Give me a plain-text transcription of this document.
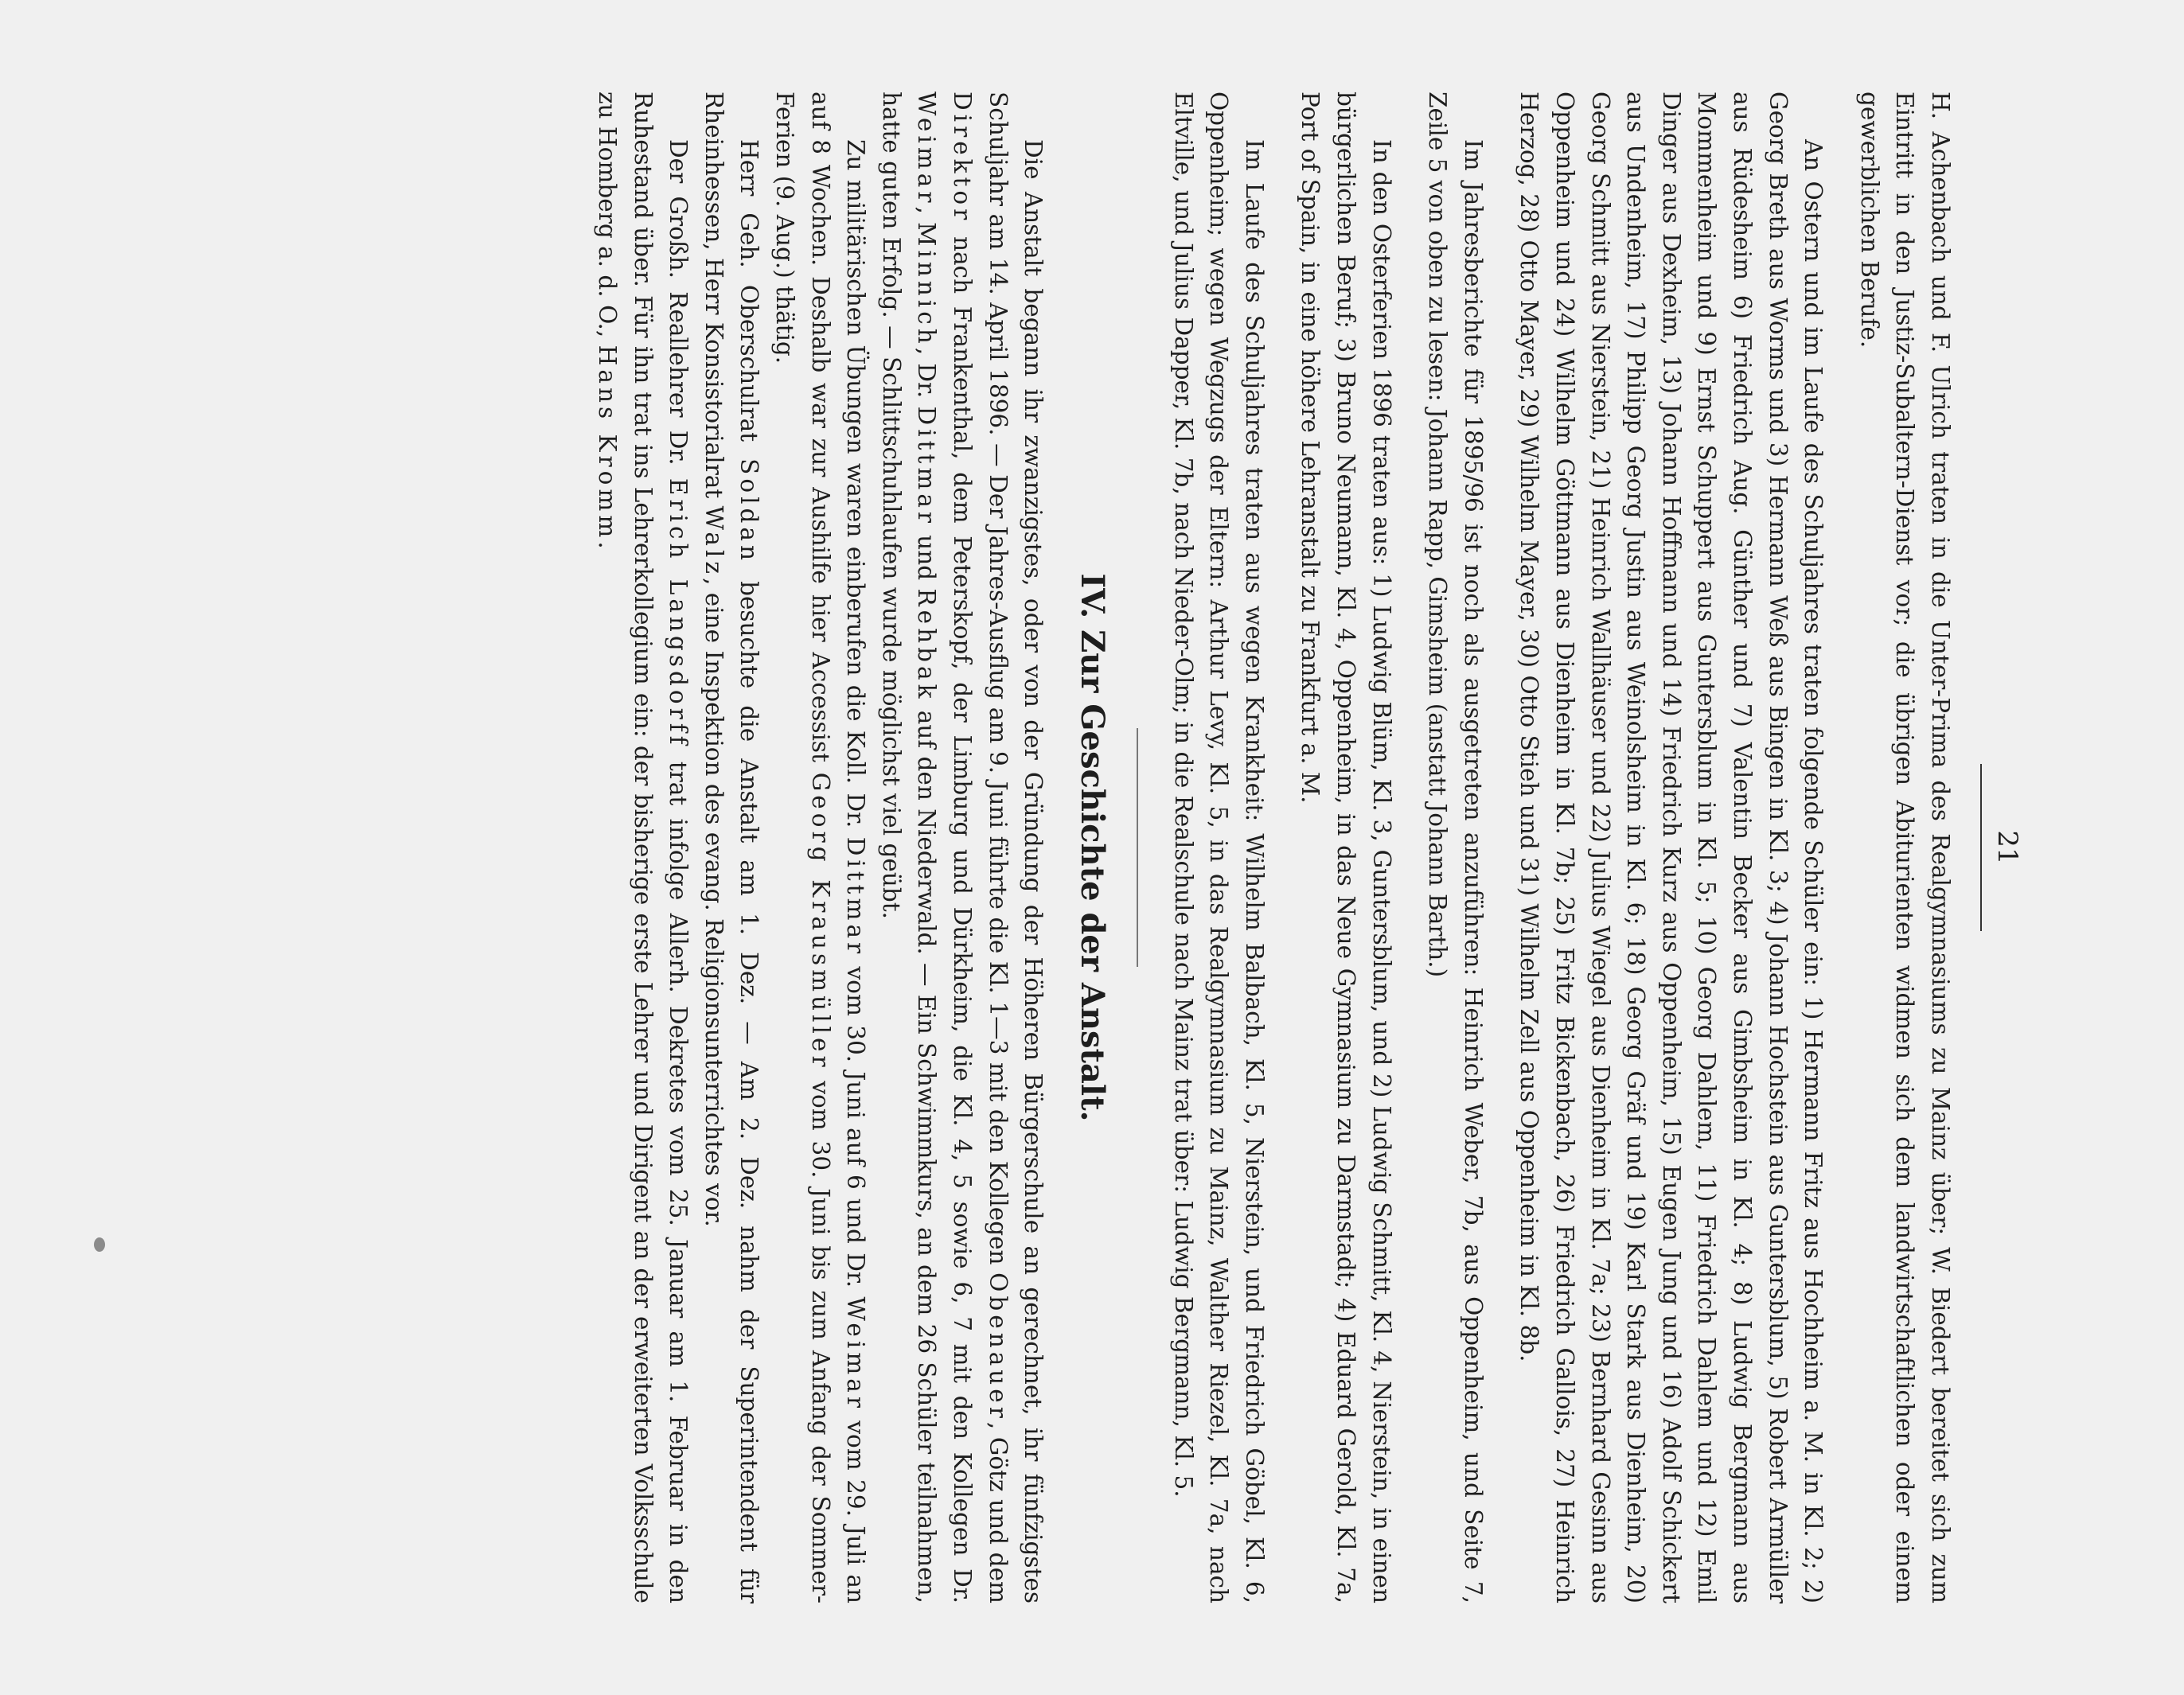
21

H. Achenbach und F. Ulrich traten in die Unter-Prima des Realgymnasiums zu Mainz über; W. Biedert bereitet sich zum Eintritt in den Justiz-Subaltern-Dienst vor; die übrigen Abiturienten widmen sich dem landwirtschaftlichen oder einem gewerblichen Berufe.

An Ostern und im Laufe des Schuljahres traten folgende Schüler ein: 1) Hermann Fritz aus Hochheim a. M. in Kl. 2; 2) Georg Breth aus Worms und 3) Hermann Weß aus Bingen in Kl. 3; 4) Johann Hochstein aus Guntersblum, 5) Robert Armüller aus Rüdesheim 6) Friedrich Aug. Günther und 7) Valentin Becker aus Gimbsheim in Kl. 4; 8) Ludwig Bergmann aus Mommenheim und 9) Ernst Schuppert aus Guntersblum in Kl. 5; 10) Georg Dahlem, 11) Friedrich Dahlem und 12) Emil Dinger aus Dexheim, 13) Johann Hoffmann und 14) Friedrich Kurz aus Oppenheim, 15) Eugen Jung und 16) Adolf Schickert aus Undenheim, 17) Philipp Georg Justin aus Weinolsheim in Kl. 6; 18) Georg Gräf und 19) Karl Stark aus Dienheim, 20) Georg Schmitt aus Nierstein, 21) Heinrich Wallhäuser und 22) Julius Wiegel aus Dienheim in Kl. 7a; 23) Bernhard Gesinn aus Oppenheim und 24) Wilhelm Göttmann aus Dienheim in Kl. 7b; 25) Fritz Bickenbach, 26) Friedrich Gallois, 27) Heinrich Herzog, 28) Otto Mayer, 29) Wilhelm Mayer, 30) Otto Stieh und 31) Wilhelm Zell aus Oppenheim in Kl. 8b.

Im Jahresberichte für 1895/96 ist noch als ausgetreten anzuführen: Heinrich Weber, 7b, aus Oppenheim, und Seite 7, Zeile 5 von oben zu lesen: Johann Rapp, Gimsheim (anstatt Johann Barth.)

In den Osterferien 1896 traten aus: 1) Ludwig Blüm, Kl. 3, Guntersblum, und 2) Ludwig Schmitt, Kl. 4, Nierstein, in einen bürgerlichen Beruf; 3) Bruno Neumann, Kl. 4, Oppenheim, in das Neue Gymnasium zu Darmstadt; 4) Eduard Gerold, Kl. 7a, Port of Spain, in eine höhere Lehranstalt zu Frankfurt a. M.

Im Laufe des Schuljahres traten aus wegen Krankheit: Wilhelm Balbach, Kl. 5, Nierstein, und Friedrich Göbel, Kl. 6, Oppenheim; wegen Wegzugs der Eltern: Arthur Levy, Kl. 5, in das Realgymnasium zu Mainz, Walther Riezel, Kl. 7a, nach Eltville, und Julius Dapper, Kl. 7b, nach Nieder-Olm; in die Realschule nach Mainz trat über: Ludwig Bergmann, Kl. 5.

IV. Zur Geschichte der Anstalt.

Die Anstalt begann ihr zwanzigstes, oder von der Gründung der Höheren Bürgerschule an gerechnet, ihr fünfzigstes Schuljahr am 14. April 1896. — Der Jahres-Ausflug am 9. Juni führte die Kl. 1—3 mit den Kollegen Obenauer, Götz und dem Direktor nach Frankenthal, dem Peterskopf, der Limburg und Dürkheim, die Kl. 4, 5 sowie 6, 7 mit den Kollegen Dr. Weimar, Minnich, Dr. Dittmar und Rehbak auf den Niederwald. — Ein Schwimmkurs, an dem 26 Schüler teilnahmen, hatte guten Erfolg. — Schlittschuhlaufen wurde möglichst viel geübt.

Zu militärischen Übungen waren einberufen die Koll. Dr. Dittmar vom 30. Juni auf 6 und Dr. Weimar vom 29. Juli an auf 8 Wochen. Deshalb war zur Aushilfe hier Accessist Georg Krausmüller vom 30. Juni bis zum Anfang der Sommer-Ferien (9. Aug.) thätig.

Herr Geh. Oberschulrat Soldan besuchte die Anstalt am 1. Dez. — Am 2. Dez. nahm der Superintendent für Rheinhessen, Herr Konsistorialrat Walz, eine Inspektion des evang. Religionsunterrichtes vor.

Der Großh. Reallehrer Dr. Erich Langsdorff trat infolge Allerh. Dekretes vom 25. Januar am 1. Februar in den Ruhestand über. Für ihn trat ins Lehrerkollegium ein: der bisherige erste Lehrer und Dirigent an der erweiterten Volksschule zu Homberg a. d. O., Hans Kromm.
